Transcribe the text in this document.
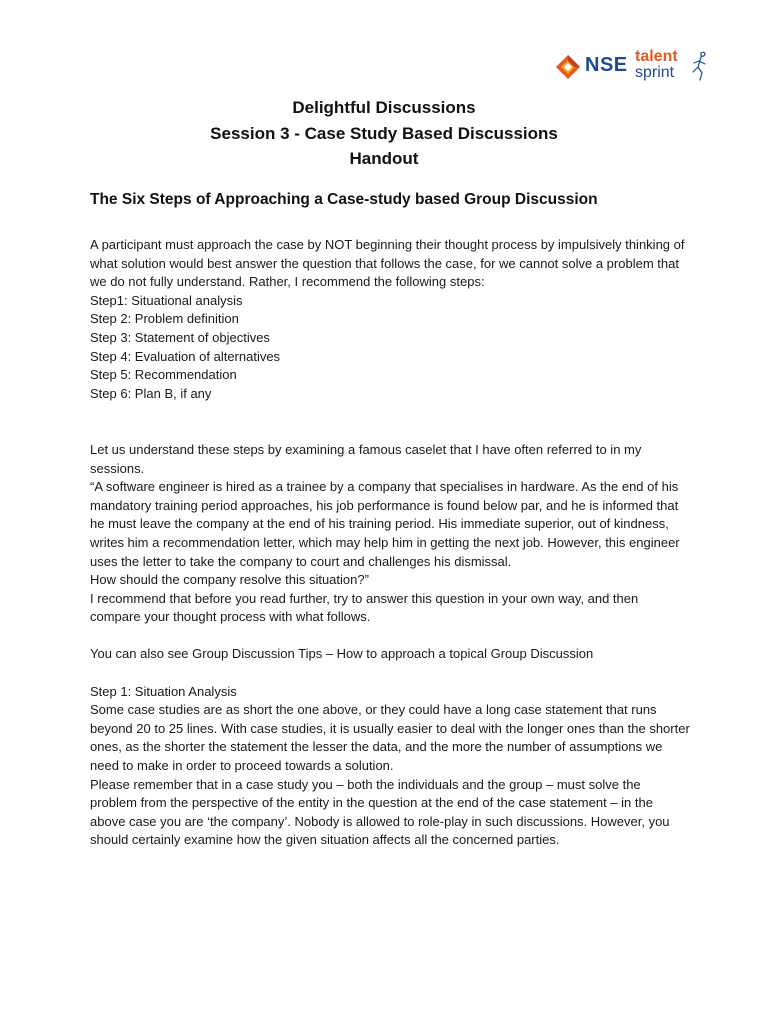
NSE talent
sprint
Delightful Discussions
Session 3 - Case Study Based Discussions
Handout
The Six Steps of Approaching a Case-study based Group Discussion

A participant must approach the case by NOT beginning their thought process by impulsively thinking of what solution would best answer the question that follows the case, for we cannot solve a problem that we do not fully understand. Rather, I recommend the following steps:

Step1: Situational analysis

Step 2: Problem definition

Step 3: Statement of objectives

Step 4: Evaluation of alternatives

Step 5: Recommendation

Step 6: Plan B, if any

Let us understand these steps by examining a famous caselet that I have often referred to in my sessions.

“A software engineer is hired as a trainee by a company that specialises in hardware. As the end of his mandatory training period approaches, his job performance is found below par, and he is informed that he must leave the company at the end of his training period. His immediate superior, out of kindness, writes him a recommendation letter, which may help him in getting the next job. However, this engineer uses the letter to take the company to court and challenges his dismissal.

How should the company resolve this situation?”

I recommend that before you read further, try to answer this question in your own way, and then compare your thought process with what follows.

You can also see Group Discussion Tips – How to approach a topical Group Discussion

Step 1: Situation Analysis

Some case studies are as short the one above, or they could have a long case statement that runs beyond 20 to 25 lines. With case studies, it is usually easier to deal with the longer ones than the shorter ones, as the shorter the statement the lesser the data, and the more the number of assumptions we need to make in order to proceed towards a solution.

Please remember that in a case study you – both the individuals and the group – must solve the problem from the perspective of the entity in the question at the end of the case statement – in the above case you are ‘the company’. Nobody is allowed to role-play in such discussions. However, you should certainly examine how the given situation affects all the concerned parties.
